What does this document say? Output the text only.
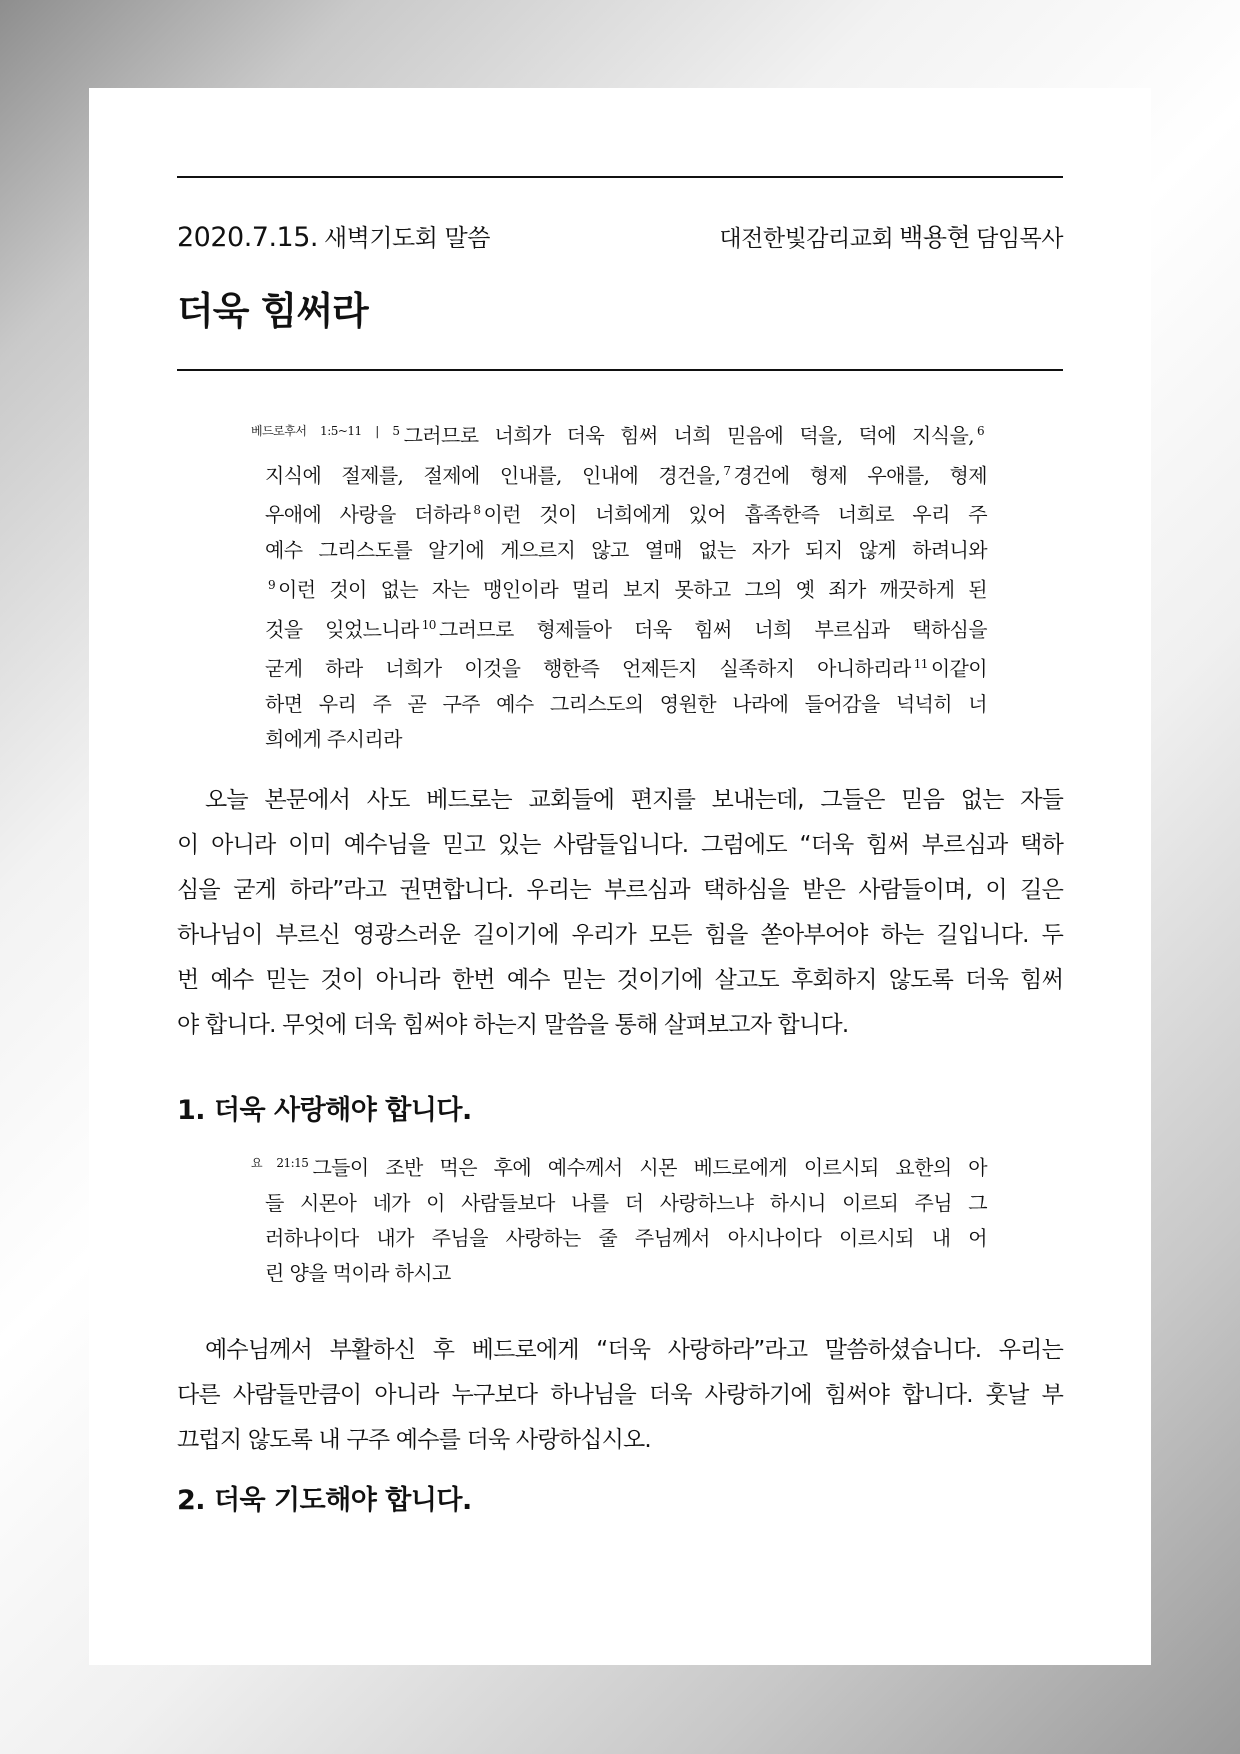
2020.7.15. 새벽기도회 말씀	대전한빛감리교회 백용현 담임목사
더욱 힘써라
$^{베드로후서 1:5\sim 11 | 5}$ 그러므로 너희가 더욱 힘써 너희 믿음에 덕을, 덕에 지식을, $^6$
지식에 절제를, 절제에 인내를, 인내에 경건을, $^7$ 경건에 형제 우애를, 형제
우애에 사랑을 더하라 $^8$ 이런 것이 너희에게 있어 흡족한즉 너희로 우리 주
예수 그리스도를 알기에 게으르지 않고 열매 없는 자가 되지 않게 하려니와
$^9$ 이런 것이 없는 자는 맹인이라 멀리 보지 못하고 그의 옛 죄가 깨끗하게 된
것을 잊었느니라 $^{10}$ 그러므로 형제들아 더욱 힘써 너희 부르심과 택하심을
굳게 하라 너희가 이것을 행한즉 언제든지 실족하지 아니하리라 $^{11}$ 이같이
하면 우리 주 곧 구주 예수 그리스도의 영원한 나라에 들어감을 넉넉히 너
희에게 주시리라
오늘 본문에서 사도 베드로는 교회들에 편지를 보내는데, 그들은 믿음 없는 자들
이 아니라 이미 예수님을 믿고 있는 사람들입니다. 그럼에도 “더욱 힘써 부르심과 택하
심을 굳게 하라”라고 권면합니다. 우리는 부르심과 택하심을 받은 사람들이며, 이 길은
하나님이 부르신 영광스러운 길이기에 우리가 모든 힘을 쏟아부어야 하는 길입니다. 두
번 예수 믿는 것이 아니라 한번 예수 믿는 것이기에 살고도 후회하지 않도록 더욱 힘써
야 합니다. 무엇에 더욱 힘써야 하는지 말씀을 통해 살펴보고자 합니다.
1. 더욱 사랑해야 합니다.
$^{요 21:15}$ 그들이 조반 먹은 후에 예수께서 시몬 베드로에게 이르시되 요한의 아
들 시몬아 네가 이 사람들보다 나를 더 사랑하느냐 하시니 이르되 주님 그
러하나이다 내가 주님을 사랑하는 줄 주님께서 아시나이다 이르시되 내 어
린 양을 먹이라 하시고
예수님께서 부활하신 후 베드로에게 “더욱 사랑하라”라고 말씀하셨습니다. 우리는
다른 사람들만큼이 아니라 누구보다 하나님을 더욱 사랑하기에 힘써야 합니다. 훗날 부
끄럽지 않도록 내 구주 예수를 더욱 사랑하십시오.
2. 더욱 기도해야 합니다.
